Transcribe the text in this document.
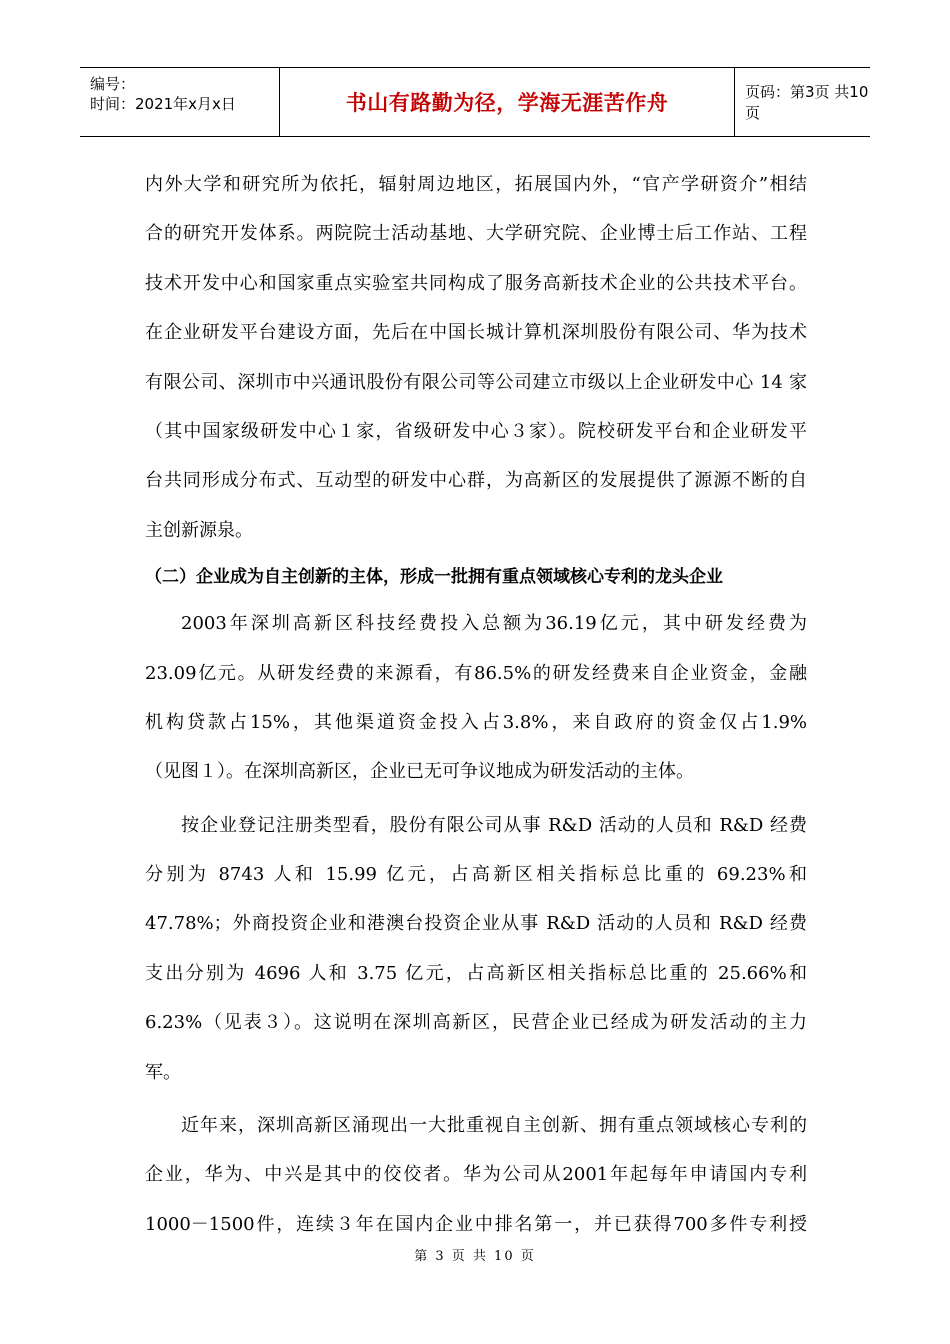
编号：
时间：2021年x月x日	书山有路勤为径，学海无涯苦作舟	页码：第3页 共10页
内外大学和研究所为依托，辐射周边地区，拓展国内外，“官产学研资介”相结
合的研究开发体系。两院院士活动基地、大学研究院、企业博士后工作站、工程
技术开发中心和国家重点实验室共同构成了服务高新技术企业的公共技术平台。
在企业研发平台建设方面，先后在中国长城计算机深圳股份有限公司、华为技术
有限公司、深圳市中兴通讯股份有限公司等公司建立市级以上企业研发中心 14 家
（其中国家级研发中心１家，省级研发中心３家）。院校研发平台和企业研发平
台共同形成分布式、互动型的研发中心群，为高新区的发展提供了源源不断的自
主创新源泉。
（二）企业成为自主创新的主体，形成一批拥有重点领域核心专利的龙头企业
2003年深圳高新区科技经费投入总额为36.19亿元，其中研发经费为
23.09亿元。从研发经费的来源看，有86.5%的研发经费来自企业资金，金融
机构贷款占15%，其他渠道资金投入占3.8%，来自政府的资金仅占1.9%
（见图１）。在深圳高新区，企业已无可争议地成为研发活动的主体。
按企业登记注册类型看，股份有限公司从事 R&D 活动的人员和 R&D 经费
分别为 8743 人和 15.99 亿元，占高新区相关指标总比重的 69.23%和
47.78%；外商投资企业和港澳台投资企业从事 R&D 活动的人员和 R&D 经费
支出分别为 4696 人和 3.75 亿元，占高新区相关指标总比重的 25.66%和
6.23%（见表３）。这说明在深圳高新区，民营企业已经成为研发活动的主力
军。
近年来，深圳高新区涌现出一大批重视自主创新、拥有重点领域核心专利的
企业，华为、中兴是其中的佼佼者。华为公司从2001年起每年申请国内专利
1000－1500件，连续３年在国内企业中排名第一，并已获得700多件专利授
第 3 页 共 10 页
